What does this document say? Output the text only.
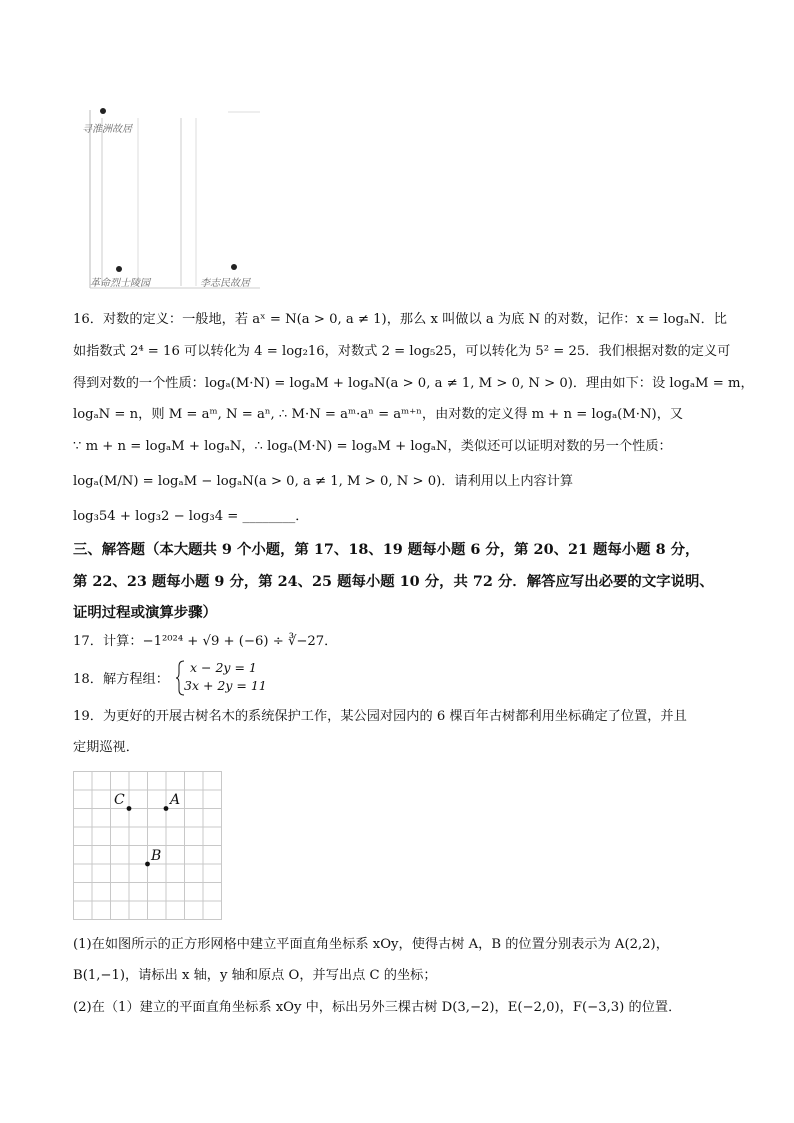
寻淮洲故居
革命烈士陵园	李志民故居
16．对数的定义：一般地，若 aˣ = N(a > 0, a ≠ 1)，那么 x 叫做以 a 为底 N 的对数，记作：x = logₐN．比
如指数式 2⁴ = 16 可以转化为 4 = log₂16，对数式 2 = log₅25，可以转化为 5² = 25．我们根据对数的定义可
得到对数的一个性质：logₐ(M·N) = logₐM + logₐN(a > 0, a ≠ 1, M > 0, N > 0)．理由如下：设 logₐM = m，
logₐN = n，则 M = aᵐ, N = aⁿ, ∴ M·N = aᵐ·aⁿ = aᵐ⁺ⁿ，由对数的定义得 m + n = logₐ(M·N)，又
∵ m + n = logₐM + logₐN，∴ logₐ(M·N) = logₐM + logₐN，类似还可以证明对数的另一个性质：
logₐ(M/N) = logₐM − logₐN(a > 0, a ≠ 1, M > 0, N > 0)．请利用以上内容计算
log₃54 + log₃2 − log₃4 = ________．
三、解答题（本大题共 9 个小题，第 17、18、19 题每小题 6 分，第 20、21 题每小题 8 分，
第 22、23 题每小题 9 分，第 24、25 题每小题 10 分，共 72 分．解答应写出必要的文字说明、
证明过程或演算步骤）
17．计算：−1²⁰²⁴ + √9 + (−6) ÷ ∛−27．
18．解方程组：
x − 2y = 1
3x + 2y = 11
19．为更好的开展古树名木的系统保护工作，某公园对园内的 6 棵百年古树都利用坐标确定了位置，并且
定期巡视．
C	A
B
(1)在如图所示的正方形网格中建立平面直角坐标系 xOy，使得古树 A，B 的位置分别表示为 A(2,2)，
B(1,−1)，请标出 x 轴，y 轴和原点 O，并写出点 C 的坐标；
(2)在（1）建立的平面直角坐标系 xOy 中，标出另外三棵古树 D(3,−2)，E(−2,0)，F(−3,3) 的位置．
